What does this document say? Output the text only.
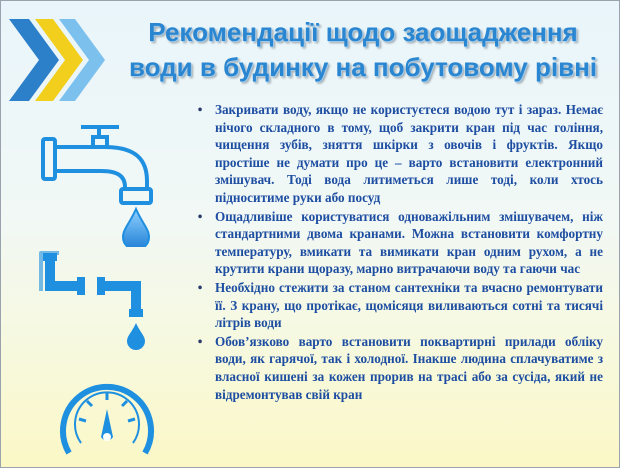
Рекомендації щодо заощадження
води в будинку на побутовому рівні
• Закривати воду, якщо не користуєтеся водою тут і зараз. Немає нічого складного в тому, щоб закрити кран під час гоління, чищення зубів, зняття шкірки з овочів і фруктів. Якщо простіше не думати про це – варто встановити електронний змішувач. Тоді вода литиметься лише тоді, коли хтось підноситиме руки або посуд
• Ощадливіше користуватися одноважільним змішувачем, ніж стандартними двома кранами. Можна встановити комфортну температуру, вмикати та вимикати кран одним рухом, а не крутити крани щоразу, марно витрачаючи воду та гаючи час
• Необхідно стежити за станом сантехніки та вчасно ремонтувати її. З крану, що протікає, щомісяця виливаються сотні та тисячі літрів води
• Обов’язково варто встановити поквартирні прилади обліку води, як гарячої, так і холодної. Інакше людина сплачуватиме з власної кишені за кожен прорив на трасі або за сусіда, який не відремонтував свій кран
